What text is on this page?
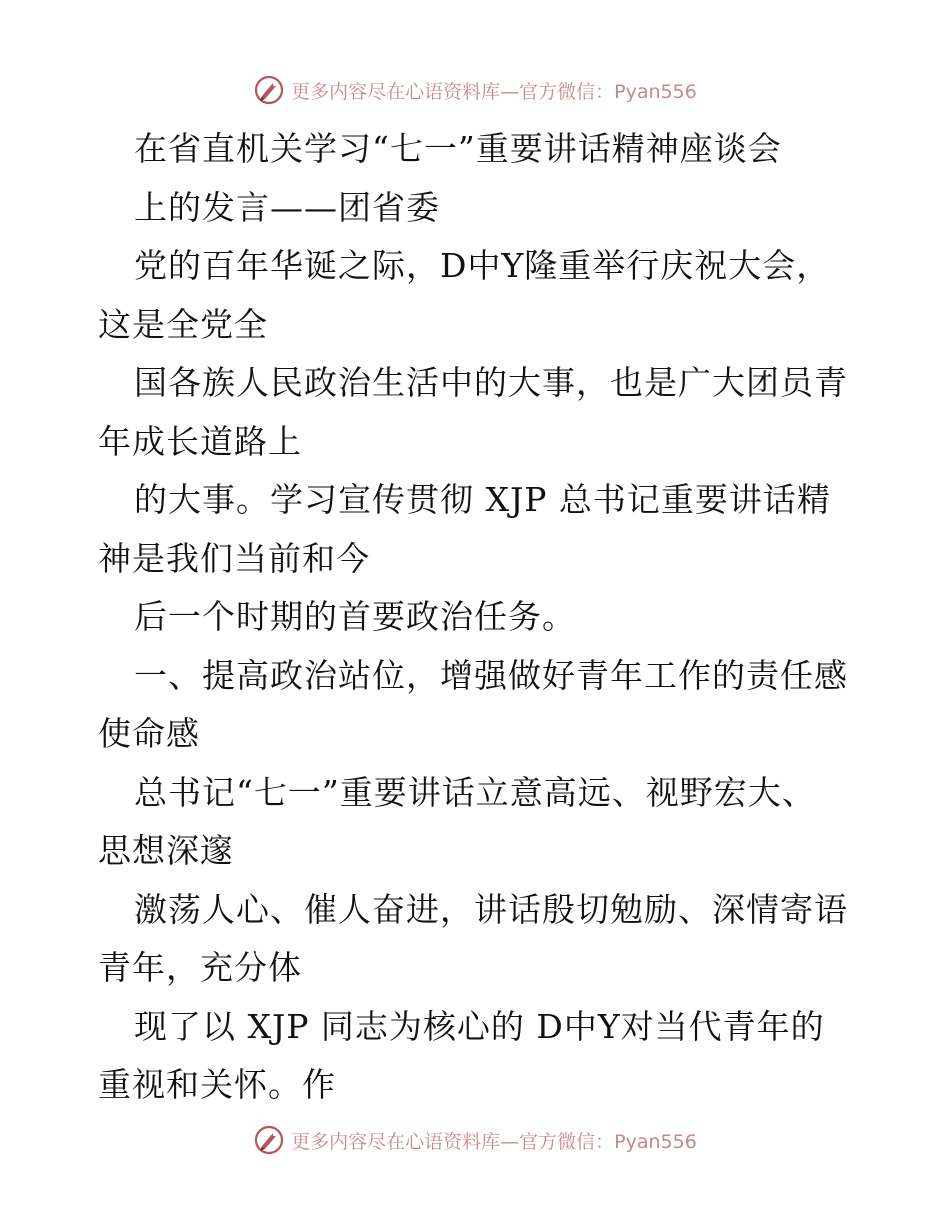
更多内容尽在心语资料库—官方微信：Pyan556
在省直机关学习“七一”重要讲话精神座谈会
上的发言——团省委
党的百年华诞之际，D中Y隆重举行庆祝大会，
这是全党全
国各族人民政治生活中的大事，也是广大团员青
年成长道路上
的大事。学习宣传贯彻 XJP 总书记重要讲话精
神是我们当前和今
后一个时期的首要政治任务。
一、提高政治站位，增强做好青年工作的责任感
使命感
总书记“七一”重要讲话立意高远、视野宏大、
思想深邃
激荡人心、催人奋进，讲话殷切勉励、深情寄语
青年，充分体
现了以 XJP 同志为核心的 D中Y对当代青年的
重视和关怀。作
更多内容尽在心语资料库—官方微信：Pyan556
